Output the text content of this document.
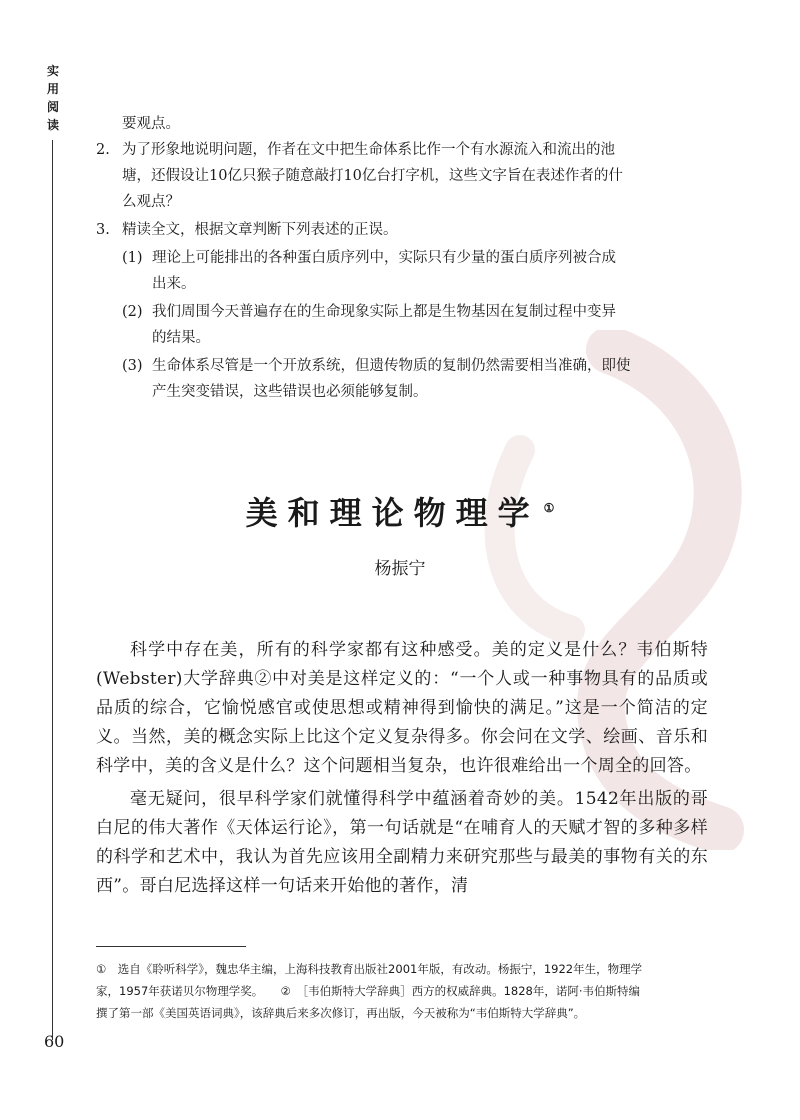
实
用
阅
读	要观点。
2. 为了形象地说明问题，作者在文中把生命体系比作一个有水源流入和流出的池
塘，还假设让10亿只猴子随意敲打10亿台打字机，这些文字旨在表述作者的什
么观点？
3. 精读全文，根据文章判断下列表述的正误。
(1) 理论上可能排出的各种蛋白质序列中，实际只有少量的蛋白质序列被合成
出来。
(2) 我们周围今天普遍存在的生命现象实际上都是生物基因在复制过程中变异
的结果。
(3) 生命体系尽管是一个开放系统，但遗传物质的复制仍然需要相当准确，即使
产生突变错误，这些错误也必须能够复制。
美和理论物理学 ①
杨振宁

科学中存在美，所有的科学家都有这种感受。美的定义是什么？韦伯斯特(Webster)大学辞典②中对美是这样定义的：“一个人或一种事物具有的品质或品质的综合，它愉悦感官或使思想或精神得到愉快的满足。”这是一个简洁的定义。当然，美的概念实际上比这个定义复杂得多。你会问在文学、绘画、音乐和科学中，美的含义是什么？这个问题相当复杂，也许很难给出一个周全的回答。

毫无疑问，很早科学家们就懂得科学中蕴涵着奇妙的美。1542年出版的哥白尼的伟大著作《天体运行论》，第一句话就是“在哺育人的天赋才智的多种多样的科学和艺术中，我认为首先应该用全副精力来研究那些与最美的事物有关的东西”。哥白尼选择这样一句话来开始他的著作，清

①　选自《聆听科学》，魏忠华主编，上海科技教育出版社2001年版，有改动。杨振宁，1922年生，物理学
家，1957年获诺贝尔物理学奖。　　②　［韦伯斯特大学辞典］西方的权威辞典。1828年，诺阿·韦伯斯特编
撰了第一部《美国英语词典》，该辞典后来多次修订，再出版，今天被称为“韦伯斯特大学辞典”。
60
